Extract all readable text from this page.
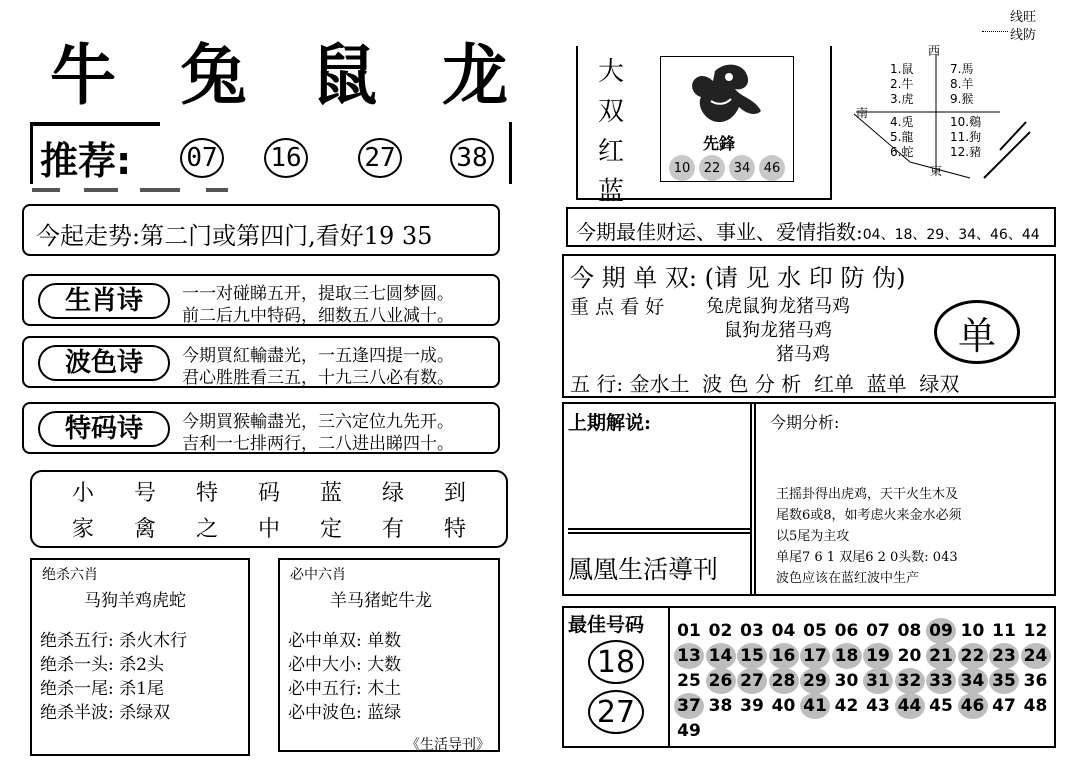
牛 兔 鼠 龙
推荐: 07 16 27 38
今起走势:第二门或第四门,看好19 35
生肖诗	一一对碰睇五开，提取三七圆梦圆。
前二后九中特码，细数五八业减十。
波色诗	今期買紅輸盡光，一五逢四提一成。
君心胜胜看三五，十九三八必有数。
特码诗	今期買猴輸盡光，三六定位九先开。
吉利一七排两行，二八进出睇四十。
小 号 特 码 蓝 绿 到
家 禽 之 中 定 有 特
绝杀六肖
马狗羊鸡虎蛇
绝杀五行: 杀火木行
绝杀一头: 杀2头
绝杀一尾: 杀1尾
绝杀半波: 杀绿双
必中六肖
羊马猪蛇牛龙
必中单双: 单数
必中大小: 大数
必中五行: 木土
必中波色: 蓝绿
《生活导刊》
线旺
线防
大
双
红
蓝
先鋒
10	22	34	46
西
南
東
1.鼠
2.牛
3.虎
4.兎
5.龍
6.蛇
7.馬
8.羊
9.猴
10.鷄
11.狗
12.豬
今期最佳财运、事业、爱情指数:04、18、29、34、46、44
今 期 单 双: (请 见 水 印 防 伪)
重 点 看 好 兔虎鼠狗龙猪马鸡
鼠狗龙猪马鸡
猪马鸡
五 行: 金水土  波 色 分 析  红单  蓝单  绿双
单
上期解说:
鳳凰生活導刊
今期分析:
王摇卦得出虎鸡，天干火生木及
尾数6或8，如考虑火来金水必须
以5尾为主攻
单尾7 6 1 双尾6 2 0头数: 043
波色应该在蓝红波中生产
最佳号码
18
27
01 02 03 04 05 06 07 08 09 10 11 12
13 14 15 16 17 18 19 20 21 22 23 24
25 26 27 28 29 30 31 32 33 34 35 36
37 38 39 40 41 42 43 44 45 46 47 48
49
